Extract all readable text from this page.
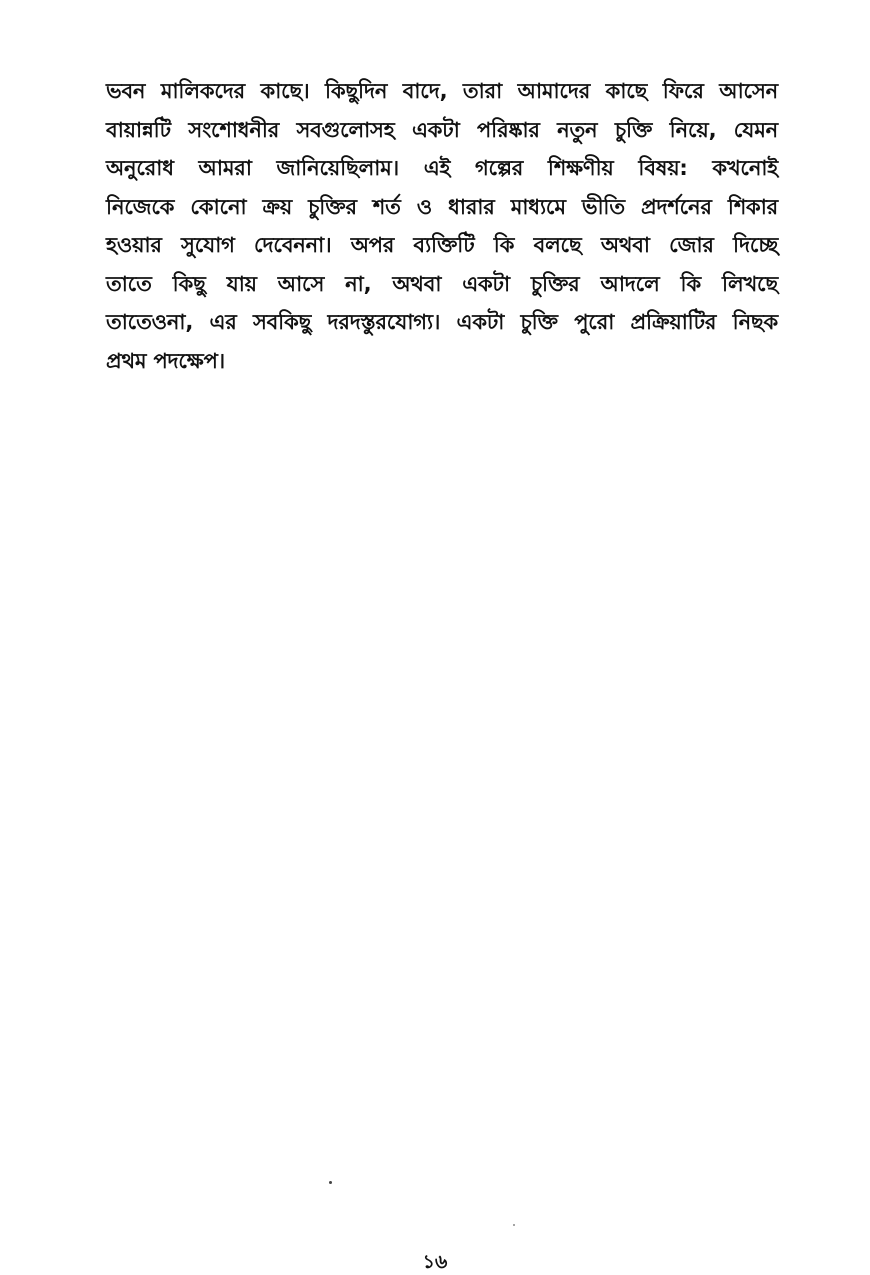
ভবন মালিকদের কাছে। কিছুদিন বাদে, তারা আমাদের কাছে ফিরে আসেন
বায়ান্নটি সংশোধনীর সবগুলোসহ একটা পরিষ্কার নতুন চুক্তি নিয়ে, যেমন
অনুরোধ আমরা জানিয়েছিলাম। এই গল্পের শিক্ষণীয় বিষয়: কখনোই
নিজেকে কোনো ক্রয় চুক্তির শর্ত ও ধারার মাধ্যমে ভীতি প্রদর্শনের শিকার
হওয়ার সুযোগ দেবেননা। অপর ব্যক্তিটি কি বলছে অথবা জোর দিচ্ছে
তাতে কিছু যায় আসে না, অথবা একটা চুক্তির আদলে কি লিখছে
তাতেওনা, এর সবকিছু দরদস্তুরযোগ্য। একটা চুক্তি পুরো প্রক্রিয়াটির নিছক
প্রথম পদক্ষেপ।
১৬
